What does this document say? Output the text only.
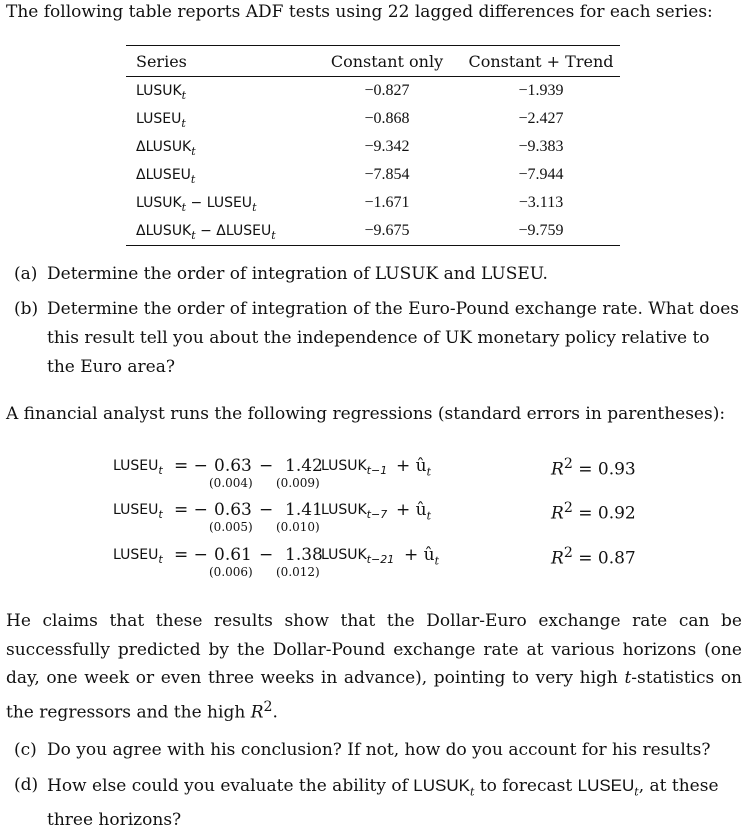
The following table reports ADF tests using 22 lagged differences for each series:
Series	Constant only	Constant + Trend
$LUSUK_t$	−0.827	−1.939
$LUSEU_t$	−0.868	−2.427
$\Delta LUSUK_t$	−9.342	−9.383
$\Delta LUSEU_t$	−7.854	−7.944
$LUSUK_t$ − $LUSEU_t$	−1.671	−3.113
$\Delta LUSUK_t$ − $\Delta LUSEU_t$	−9.675	−9.759
(a) Determine the order of integration of LUSUK and LUSEU.
(b) Determine the order of integration of the Euro-Pound exchange rate. What does this result tell you about the independence of UK monetary policy relative to the Euro area?
A financial analyst runs the following regressions (standard errors in parentheses):
$LUSEU_t$ = − 0.63 − 1.42
$LUSUK_{t-1}$ + $û_t$
(0.004) (0.009)
$R^2 = 0.93$
$LUSEU_t$ = − 0.63 − 1.41
$LUSUK_{t-7}$ + $û_t$
(0.005) (0.010)
$R^2 = 0.92$
$LUSEU_t$ = − 0.61 − 1.38
$LUSUK_{t-21}$ + $û_t$
(0.006) (0.012)
$R^2 = 0.87$
He claims that these results show that the Dollar-Euro exchange rate can be successfully predicted by the Dollar-Pound exchange rate at various horizons (one day, one week or even three weeks in advance), pointing to very high t-statistics on the regressors and the high $R^2$.
(c) Do you agree with his conclusion? If not, how do you account for his results?
(d) How else could you evaluate the ability of $LUSUK_t$ to forecast $LUSEU_t$, at these three horizons?
